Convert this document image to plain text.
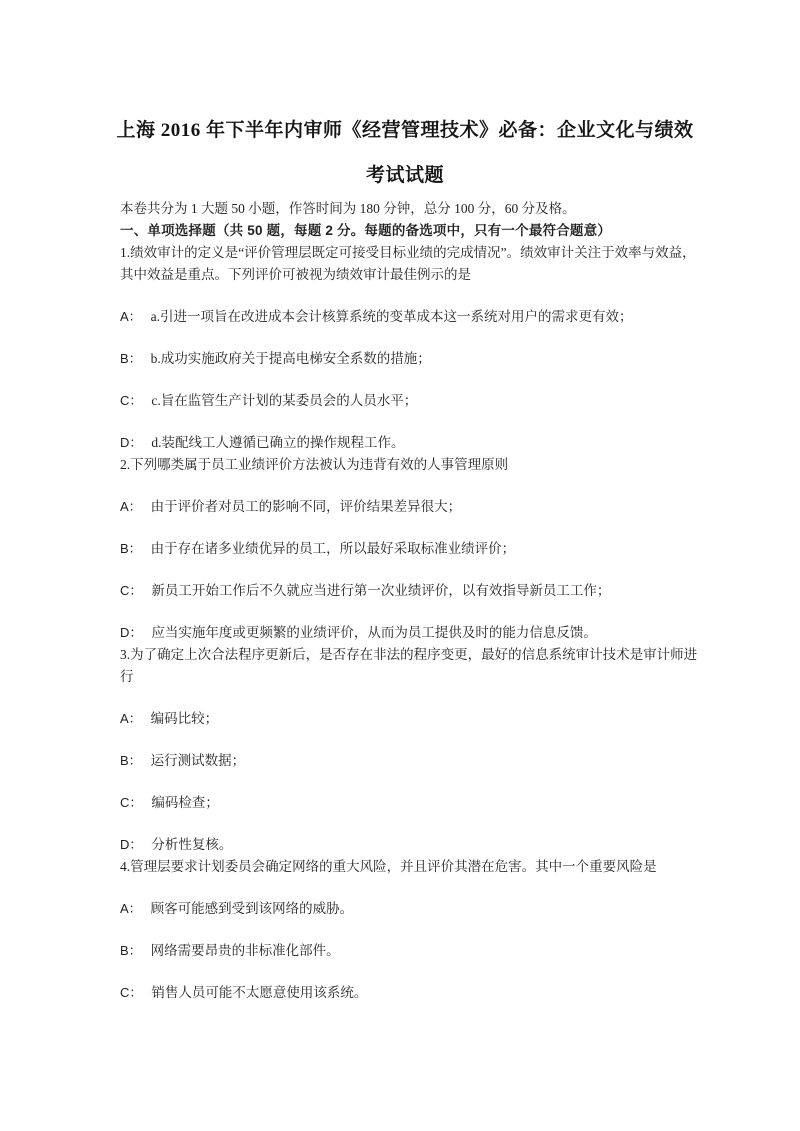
上海 2016 年下半年内审师《经营管理技术》必备：企业文化与绩效
考试试题

本卷共分为 1 大题 50 小题，作答时间为 180 分钟，总分 100 分，60 分及格。

一、单项选择题（共 50 题，每题 2 分。每题的备选项中，只有一个最符合题意）

1.绩效审计的定义是“评价管理层既定可接受目标业绩的完成情况”。绩效审计关注于效率与效益，其中效益是重点。下列评价可被视为绩效审计最佳例示的是

A： a.引进一项旨在改进成本会计核算系统的变革成本这一系统对用户的需求更有效；

B： b.成功实施政府关于提高电梯安全系数的措施；

C： c.旨在监管生产计划的某委员会的人员水平；

D： d.装配线工人遵循已确立的操作规程工作。

2.下列哪类属于员工业绩评价方法被认为违背有效的人事管理原则

A： 由于评价者对员工的影响不同，评价结果差异很大；

B： 由于存在诸多业绩优异的员工，所以最好采取标准业绩评价；

C： 新员工开始工作后不久就应当进行第一次业绩评价，以有效指导新员工工作；

D： 应当实施年度或更频繁的业绩评价，从而为员工提供及时的能力信息反馈。

3.为了确定上次合法程序更新后，是否存在非法的程序变更，最好的信息系统审计技术是审计师进行

A： 编码比较；

B： 运行测试数据；

C： 编码检查；

D： 分析性复核。

4.管理层要求计划委员会确定网络的重大风险，并且评价其潜在危害。其中一个重要风险是

A： 顾客可能感到受到该网络的威胁。

B： 网络需要昂贵的非标准化部件。

C： 销售人员可能不太愿意使用该系统。
